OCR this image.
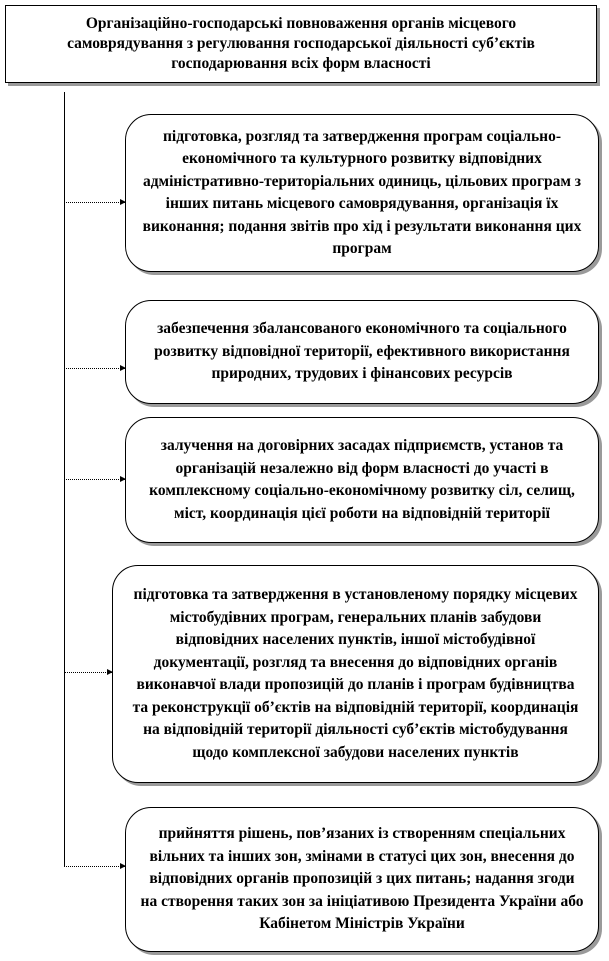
Організаційно-господарські повноваження органів місцевого самоврядування з регулювання господарської діяльності суб’єктів господарювання всіх форм власності
підготовка, розгляд та затвердження програм соціально-економічного та культурного розвитку відповідних адміністративно-територіальних одиниць, цільових програм з інших питань місцевого самоврядування, організація їх виконання; подання звітів про хід і результати виконання цих програм
забезпечення збалансованого економічного та соціального розвитку відповідної території, ефективного використання природних, трудових і фінансових ресурсів
залучення на договірних засадах підприємств, установ та організацій незалежно від форм власності до участі в комплексному соціально-економічному розвитку сіл, селищ, міст, координація цієї роботи на відповідній території
підготовка та затвердження в установленому порядку місцевих містобудівних програм, генеральних планів забудови відповідних населених пунктів, іншої містобудівної документації, розгляд та внесення до відповідних органів виконавчої влади пропозицій до планів і програм будівництва та реконструкції об’єктів на відповідній території, координація на відповідній території діяльності суб’єктів містобудування щодо комплексної забудови населених пунктів
прийняття рішень, пов’язаних із створенням спеціальних вільних та інших зон, змінами в статусі цих зон, внесення до відповідних органів пропозицій з цих питань; надання згоди на створення таких зон за ініціативою Президента України або Кабінетом Міністрів України
